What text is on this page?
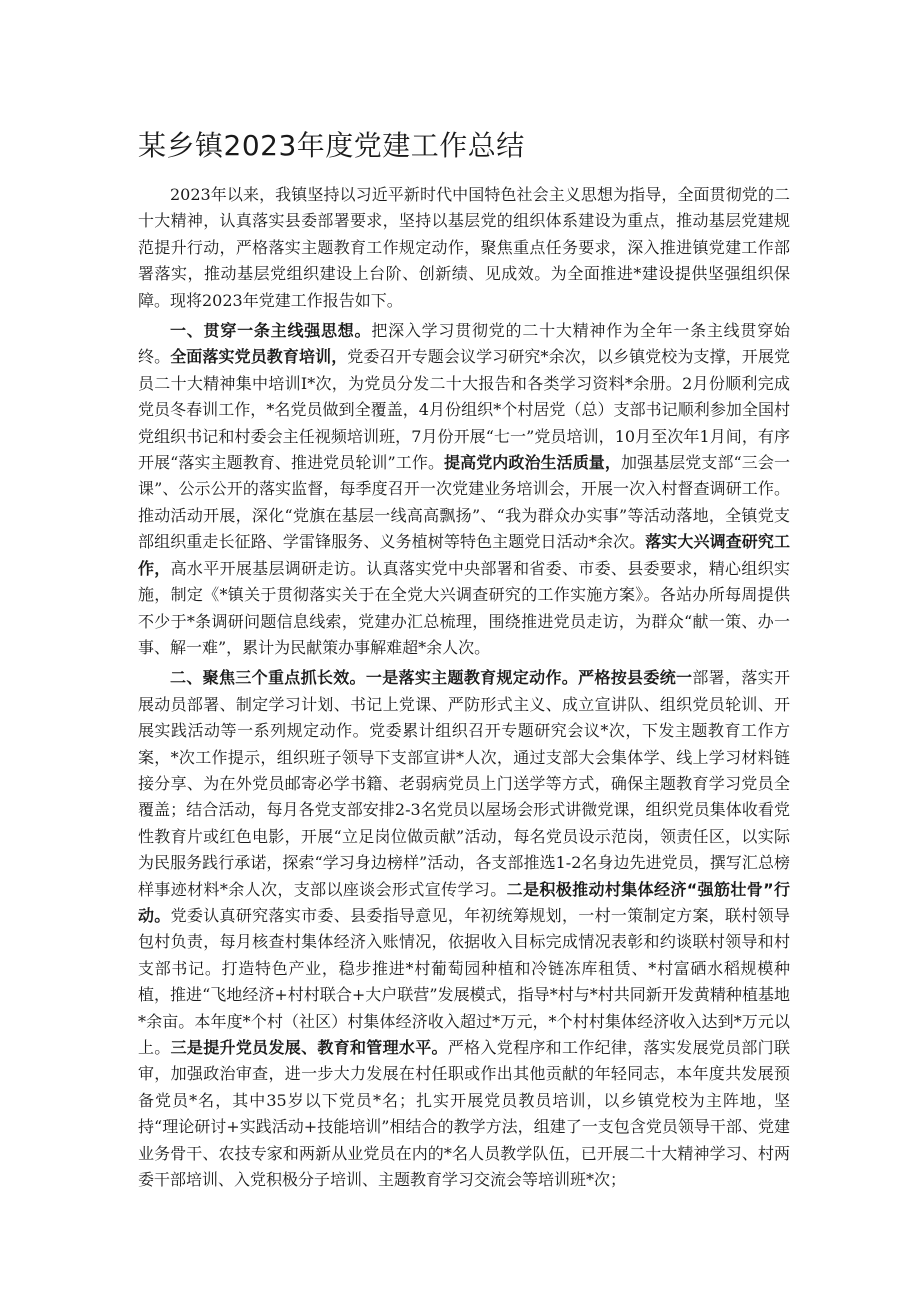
某乡镇2023年度党建工作总结

2023年以来，我镇坚持以习近平新时代中国特色社会主义思想为指导，全面贯彻党的二十大精神，认真落实县委部署要求，坚持以基层党的组织体系建设为重点，推动基层党建规范提升行动，严格落实主题教育工作规定动作，聚焦重点任务要求，深入推进镇党建工作部署落实，推动基层党组织建设上台阶、创新绩、见成效。为全面推进*建设提供坚强组织保障。现将2023年党建工作报告如下。

一、贯穿一条主线强思想。把深入学习贯彻党的二十大精神作为全年一条主线贯穿始终。全面落实党员教育培训，党委召开专题会议学习研究*余次，以乡镇党校为支撑，开展党员二十大精神集中培训I*次，为党员分发二十大报告和各类学习资料*余册。2月份顺利完成党员冬春训工作，*名党员做到全覆盖，4月份组织*个村居党（总）支部书记顺利参加全国村党组织书记和村委会主任视频培训班，7月份开展“七一”党员培训，10月至次年1月间，有序开展“落实主题教育、推进党员轮训”工作。提高党内政治生活质量，加强基层党支部“三会一课”、公示公开的落实监督，每季度召开一次党建业务培训会，开展一次入村督查调研工作。推动活动开展，深化“党旗在基层一线高高飘扬”、“我为群众办实事”等活动落地，全镇党支部组织重走长征路、学雷锋服务、义务植树等特色主题党日活动*余次。落实大兴调查研究工作，高水平开展基层调研走访。认真落实党中央部署和省委、市委、县委要求，精心组织实施，制定《*镇关于贯彻落实关于在全党大兴调查研究的工作实施方案》。各站办所每周提供不少于*条调研问题信息线索，党建办汇总梳理，围绕推进党员走访，为群众“献一策、办一事、解一难”，累计为民献策办事解难超*余人次。

二、聚焦三个重点抓长效。一是落实主题教育规定动作。严格按县委统一部署，落实开展动员部署、制定学习计划、书记上党课、严防形式主义、成立宣讲队、组织党员轮训、开展实践活动等一系列规定动作。党委累计组织召开专题研究会议*次，下发主题教育工作方案，*次工作提示，组织班子领导下支部宣讲*人次，通过支部大会集体学、线上学习材料链接分享、为在外党员邮寄必学书籍、老弱病党员上门送学等方式，确保主题教育学习党员全覆盖；结合活动，每月各党支部安排2-3名党员以屋场会形式讲微党课，组织党员集体收看党性教育片或红色电影，开展“立足岗位做贡献”活动，每名党员设示范岗，领责任区，以实际为民服务践行承诺，探索“学习身边榜样”活动，各支部推选1-2名身边先进党员，撰写汇总榜样事迹材料*余人次，支部以座谈会形式宣传学习。二是积极推动村集体经济“强筋壮骨”行动。党委认真研究落实市委、县委指导意见，年初统筹规划，一村一策制定方案，联村领导包村负责，每月核查村集体经济入账情况，依据收入目标完成情况表彰和约谈联村领导和村支部书记。打造特色产业，稳步推进*村葡萄园种植和冷链冻库租赁、*村富硒水稻规模种植，推进“飞地经济+村村联合+大户联营”发展模式，指导*村与*村共同新开发黄精种植基地*余亩。本年度*个村（社区）村集体经济收入超过*万元，*个村村集体经济收入达到*万元以上。三是提升党员发展、教育和管理水平。严格入党程序和工作纪律，落实发展党员部门联审，加强政治审查，进一步大力发展在村任职或作出其他贡献的年轻同志，本年度共发展预备党员*名，其中35岁以下党员*名；扎实开展党员教员培训，以乡镇党校为主阵地，坚持“理论研讨+实践活动+技能培训”相结合的教学方法，组建了一支包含党员领导干部、党建业务骨干、农技专家和两新从业党员在内的*名人员教学队伍，已开展二十大精神学习、村两委干部培训、入党积极分子培训、主题教育学习交流会等培训班*次；
